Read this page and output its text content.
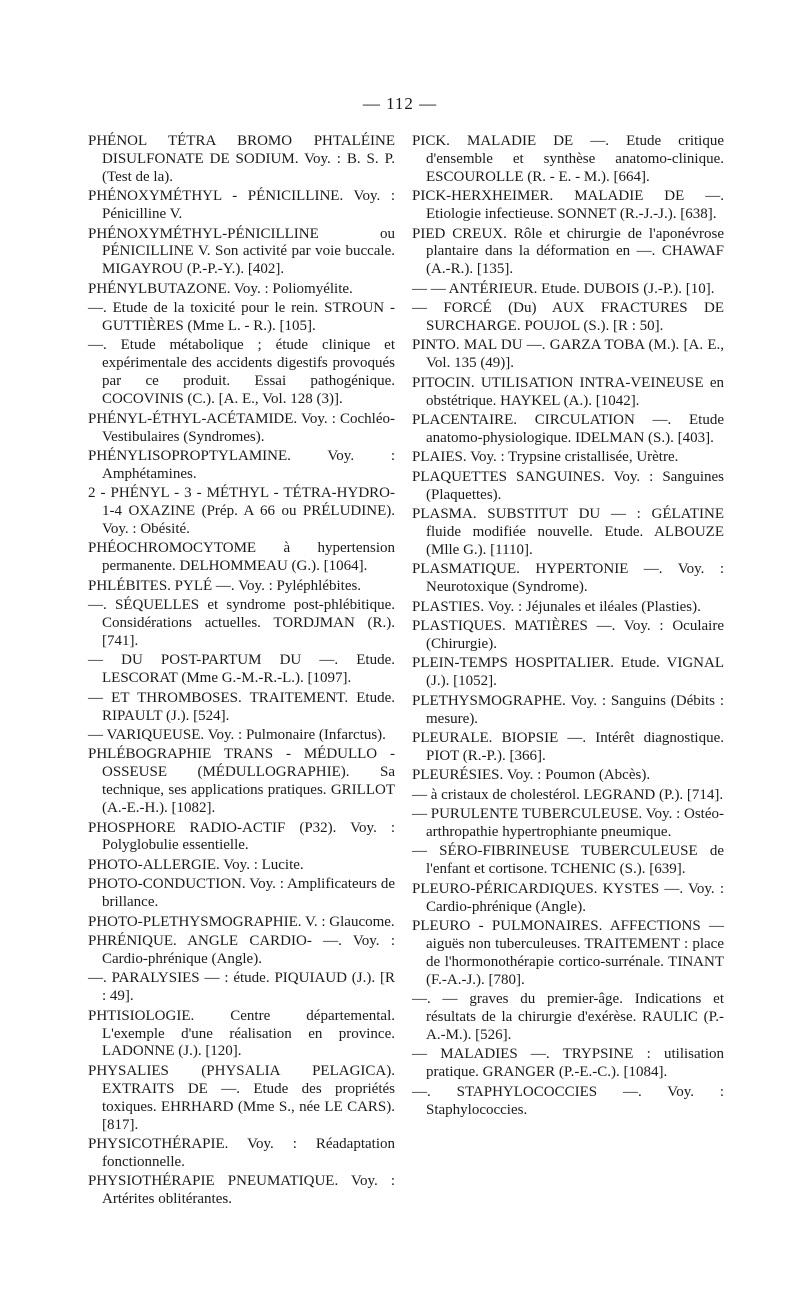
— 112 —

PHÉNOL TÉTRA BROMO PHTALÉINE DISULFONATE DE SODIUM. Voy. : B. S. P. (Test de la).

PHÉNOXYMÉTHYL - PÉNICILLINE. Voy. : Pénicilline V.

PHÉNOXYMÉTHYL-PÉNICILLINE ou PÉNICILLINE V. Son activité par voie buccale. MIGAYROU (P.-P.-Y.). [402].

PHÉNYLBUTAZONE. Voy. : Poliomyélite.

—. Etude de la toxicité pour le rein. STROUN - GUTTIÈRES (Mme L. - R.). [105].

—. Etude métabolique ; étude clinique et expérimentale des accidents digestifs provoqués par ce produit. Essai pathogénique. COCOVINIS (C.). [A. E., Vol. 128 (3)].

PHÉNYL-ÉTHYL-ACÉTAMIDE. Voy. : Cochléo-Vestibulaires (Syndromes).

PHÉNYLISOPROPTYLAMINE. Voy. : Amphétamines.

2 - PHÉNYL - 3 - MÉTHYL - TÉTRA-HYDRO-1-4 OXAZINE (Prép. A 66 ou PRÉLUDINE). Voy. : Obésité.

PHÉOCHROMOCYTOME à hypertension permanente. DELHOMMEAU (G.). [1064].

PHLÉBITES. PYLÉ —. Voy. : Pyléphlébites.

—. SÉQUELLES et syndrome post-phlébitique. Considérations actuelles. TORDJMAN (R.). [741].

— DU POST-PARTUM DU —. Etude. LESCORAT (Mme G.-M.-R.-L.). [1097].

— ET THROMBOSES. TRAITEMENT. Etude. RIPAULT (J.). [524].

— VARIQUEUSE. Voy. : Pulmonaire (Infarctus).

PHLÉBOGRAPHIE TRANS - MÉDULLO - OSSEUSE (MÉDULLOGRAPHIE). Sa technique, ses applications pratiques. GRILLOT (A.-E.-H.). [1082].

PHOSPHORE RADIO-ACTIF (P32). Voy. : Polyglobulie essentielle.

PHOTO-ALLERGIE. Voy. : Lucite.

PHOTO-CONDUCTION. Voy. : Amplificateurs de brillance.

PHOTO-PLETHYSMOGRAPHIE. V. : Glaucome.

PHRÉNIQUE. ANGLE CARDIO- —. Voy. : Cardio-phrénique (Angle).

—. PARALYSIES — : étude. PIQUIAUD (J.). [R : 49].

PHTISIOLOGIE. Centre départemental. L'exemple d'une réalisation en province. LADONNE (J.). [120].

PHYSALIES (PHYSALIA PELAGICA). EXTRAITS DE —. Etude des propriétés toxiques. EHRHARD (Mme S., née LE CARS). [817].

PHYSICOTHÉRAPIE. Voy. : Réadaptation fonctionnelle.

PHYSIOTHÉRAPIE PNEUMATIQUE. Voy. : Artérites oblitérantes.

PICK. MALADIE DE —. Etude critique d'ensemble et synthèse anatomo-clinique. ESCOUROLLE (R. - E. - M.). [664].

PICK-HERXHEIMER. MALADIE DE —. Etiologie infectieuse. SONNET (R.-J.-J.). [638].

PIED CREUX. Rôle et chirurgie de l'aponévrose plantaire dans la déformation en —. CHAWAF (A.-R.). [135].

— — ANTÉRIEUR. Etude. DUBOIS (J.-P.). [10].

— FORCÉ (Du) AUX FRACTURES DE SURCHARGE. POUJOL (S.). [R : 50].

PINTO. MAL DU —. GARZA TOBA (M.). [A. E., Vol. 135 (49)].

PITOCIN. UTILISATION INTRA-VEINEUSE en obstétrique. HAYKEL (A.). [1042].

PLACENTAIRE. CIRCULATION —. Etude anatomo-physiologique. IDELMAN (S.). [403].

PLAIES. Voy. : Trypsine cristallisée, Urètre.

PLAQUETTES SANGUINES. Voy. : Sanguines (Plaquettes).

PLASMA. SUBSTITUT DU — : GÉLATINE fluide modifiée nouvelle. Etude. ALBOUZE (Mlle G.). [1110].

PLASMATIQUE. HYPERTONIE —. Voy. : Neurotoxique (Syndrome).

PLASTIES. Voy. : Jéjunales et iléales (Plasties).

PLASTIQUES. MATIÈRES —. Voy. : Oculaire (Chirurgie).

PLEIN-TEMPS HOSPITALIER. Etude. VIGNAL (J.). [1052].

PLETHYSMOGRAPHE. Voy. : Sanguins (Débits : mesure).

PLEURALE. BIOPSIE —. Intérêt diagnostique. PIOT (R.-P.). [366].

PLEURÉSIES. Voy. : Poumon (Abcès).

— à cristaux de cholestérol. LEGRAND (P.). [714].

— PURULENTE TUBERCULEUSE. Voy. : Ostéo-arthropathie hypertrophiante pneumique.

— SÉRO-FIBRINEUSE TUBERCULEUSE de l'enfant et cortisone. TCHENIC (S.). [639].

PLEURO-PÉRICARDIQUES. KYSTES —. Voy. : Cardio-phrénique (Angle).

PLEURO - PULMONAIRES. AFFECTIONS — aiguës non tuberculeuses. TRAITEMENT : place de l'hormonothérapie cortico-surrénale. TINANT (F.-A.-J.). [780].

—. — graves du premier-âge. Indications et résultats de la chirurgie d'exérèse. RAULIC (P.-A.-M.). [526].

— MALADIES —. TRYPSINE : utilisation pratique. GRANGER (P.-E.-C.). [1084].

—. STAPHYLOCOCCIES —. Voy. : Staphylococcies.
